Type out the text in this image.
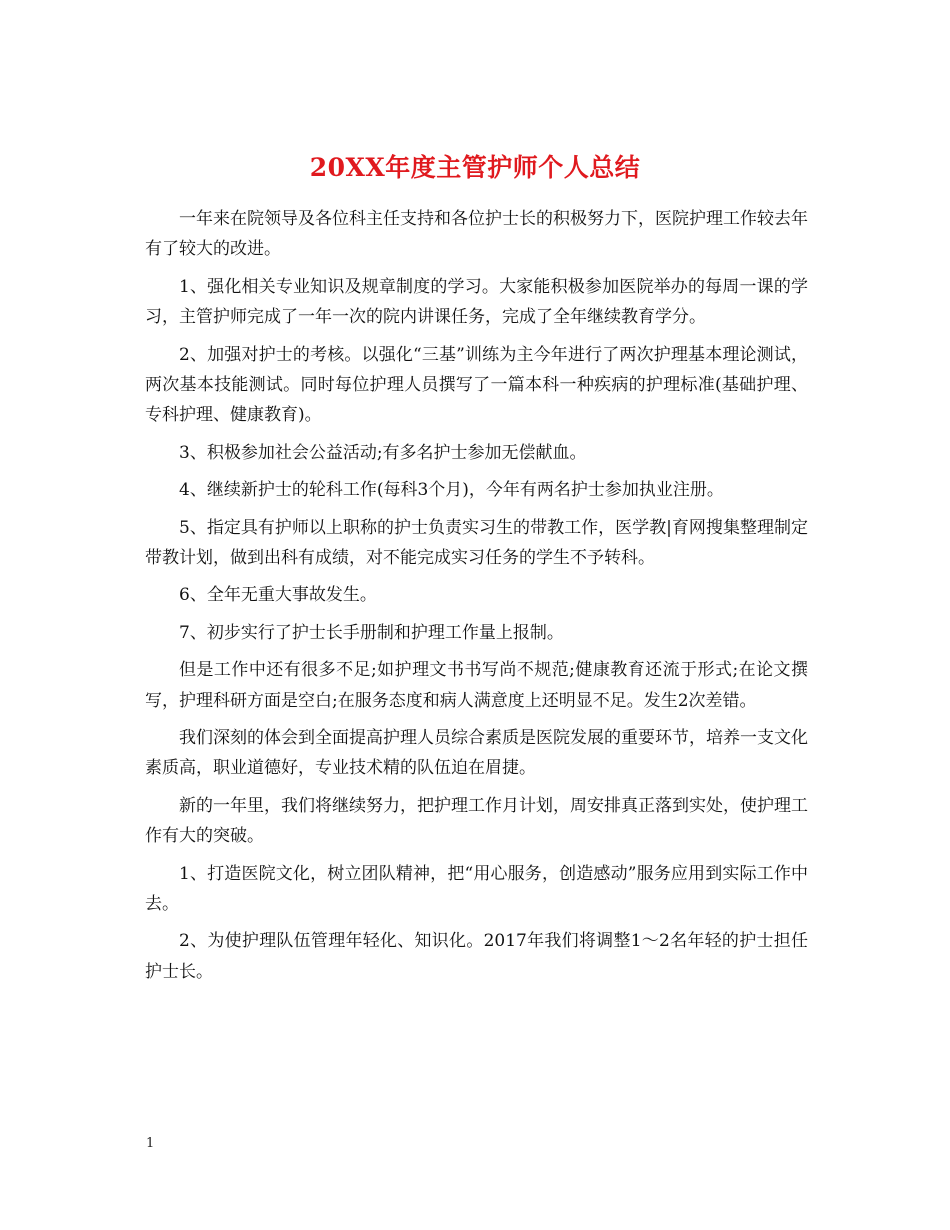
20XX年度主管护师个人总结

一年来在院领导及各位科主任支持和各位护士长的积极努力下，医院护理工作较去年有了较大的改进。

1、强化相关专业知识及规章制度的学习。大家能积极参加医院举办的每周一课的学习，主管护师完成了一年一次的院内讲课任务，完成了全年继续教育学分。

2、加强对护士的考核。以强化“三基”训练为主今年进行了两次护理基本理论测试，两次基本技能测试。同时每位护理人员撰写了一篇本科一种疾病的护理标准(基础护理、专科护理、健康教育)。

3、积极参加社会公益活动;有多名护士参加无偿献血。

4、继续新护士的轮科工作(每科3个月)，今年有两名护士参加执业注册。

5、指定具有护师以上职称的护士负责实习生的带教工作，医学教|育网搜集整理制定带教计划，做到出科有成绩，对不能完成实习任务的学生不予转科。

6、全年无重大事故发生。

7、初步实行了护士长手册制和护理工作量上报制。

但是工作中还有很多不足;如护理文书书写尚不规范;健康教育还流于形式;在论文撰写，护理科研方面是空白;在服务态度和病人满意度上还明显不足。发生2次差错。

我们深刻的体会到全面提高护理人员综合素质是医院发展的重要环节，培养一支文化素质高，职业道德好，专业技术精的队伍迫在眉捷。

新的一年里，我们将继续努力，把护理工作月计划，周安排真正落到实处，使护理工作有大的突破。

1、打造医院文化，树立团队精神，把“用心服务，创造感动”服务应用到实际工作中去。

2、为使护理队伍管理年轻化、知识化。2017年我们将调整1～2名年轻的护士担任护士长。

1
